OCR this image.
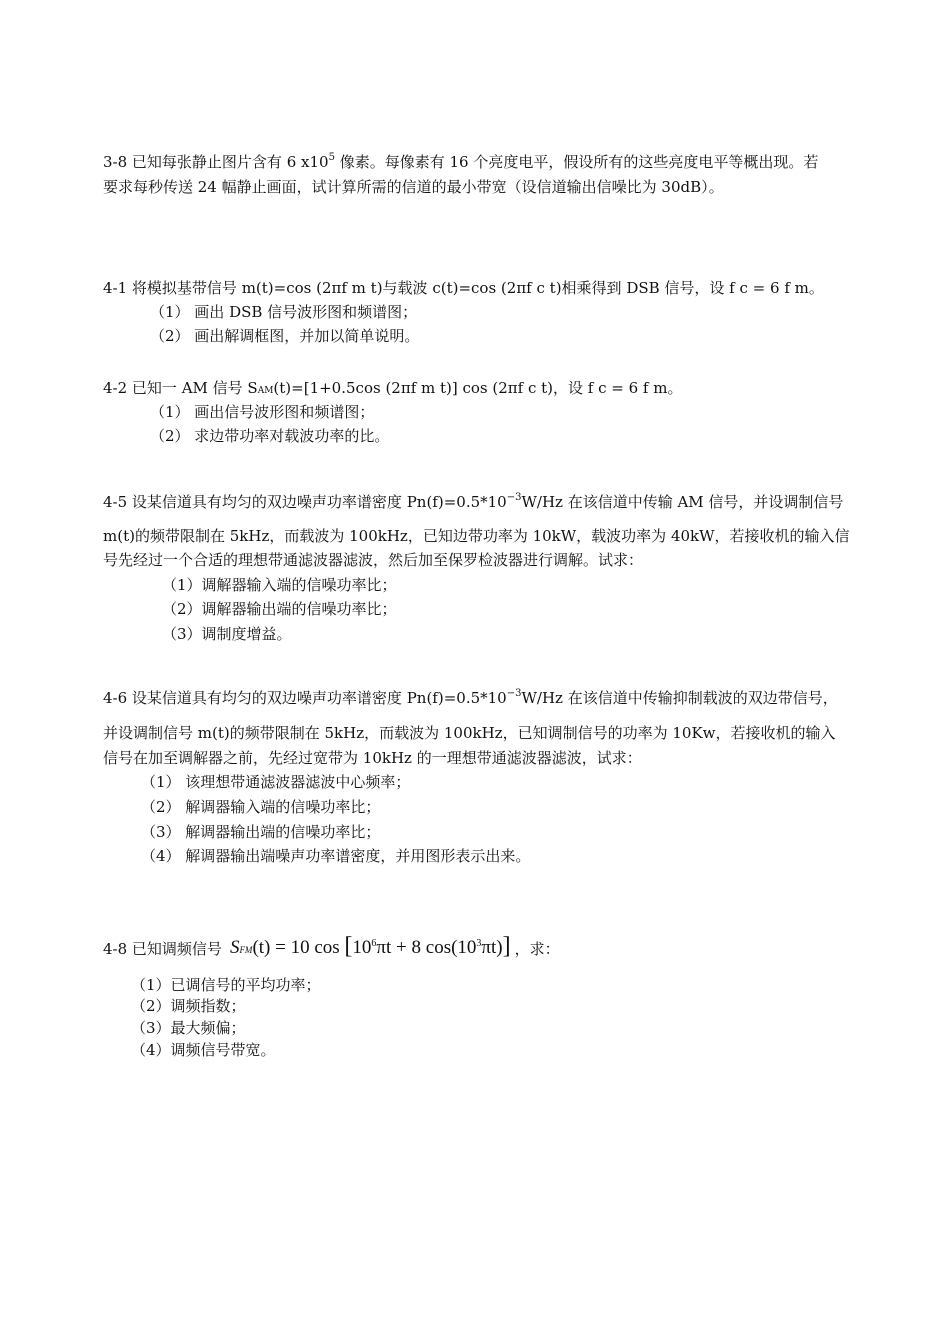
3-8 已知每张静止图片含有 6 $x10^5$ 像素。每像素有 16 个亮度电平，假设所有的这些亮度电平等概出现。若
要求每秒传送 24 幅静止画面，试计算所需的信道的最小带宽（设信道输出信噪比为 30dB）。
4-1 将模拟基带信号 m(t)=cos (2πf m t)与载波 c(t)=cos (2πf c t)相乘得到 DSB 信号，设 f c = 6 f m。
（1） 画出 DSB 信号波形图和频谱图；
（2） 画出解调框图，并加以简单说明。
4-2 已知一 AM 信号 SAM(t)=[1+0.5cos (2πf m t)] cos (2πf c t)，设 f c = 6 f m。
（1） 画出信号波形图和频谱图；
（2） 求边带功率对载波功率的比。
4-5 设某信道具有均匀的双边噪声功率谱密度 $Pn(f)=0.5*10^{-3}W/Hz$ 在该信道中传输 AM 信号，并设调制信号
m(t)的频带限制在 5kHz，而载波为 100kHz，已知边带功率为 10kW，载波功率为 40kW，若接收机的输入信
号先经过一个合适的理想带通滤波器滤波，然后加至保罗检波器进行调解。试求：
（1）调解器输入端的信噪功率比；
（2）调解器输出端的信噪功率比；
（3）调制度增益。
4-6 设某信道具有均匀的双边噪声功率谱密度 $Pn(f)=0.5*10^{-3}W/Hz$ 在该信道中传输抑制载波的双边带信号，
并设调制信号 m(t)的频带限制在 5kHz，而载波为 100kHz，已知调制信号的功率为 10Kw，若接收机的输入
信号在加至调解器之前，先经过宽带为 10kHz 的一理想带通滤波器滤波，试求：
（1） 该理想带通滤波器滤波中心频率；
（2） 解调器输入端的信噪功率比；
（3） 解调器输出端的信噪功率比；
（4） 解调器输出端噪声功率谱密度，并用图形表示出来。
4-8 已知调频信号 SFM(t) = 10 $\cos [10^6\pi t + 8$ $\cos(10^3\pi t)$] ，求：
（1）已调信号的平均功率；
（2）调频指数；
（3）最大频偏；
（4）调频信号带宽。
